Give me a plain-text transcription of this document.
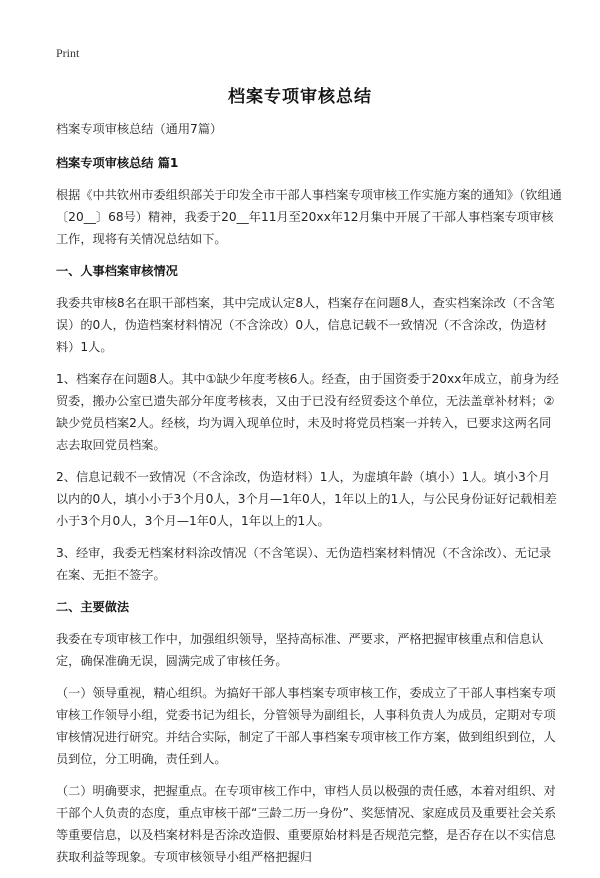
Print
档案专项审核总结

档案专项审核总结（通用7篇）

档案专项审核总结 篇1

根据《中共钦州市委组织部关于印发全市干部人事档案专项审核工作实施方案的通知》（钦组通〔20__〕68号）精神，我委于20__年11月至20xx年12月集中开展了干部人事档案专项审核工作，现将有关情况总结如下。

一、人事档案审核情况

我委共审核8名在职干部档案，其中完成认定8人，档案存在问题8人，查实档案涂改（不含笔误）的0人，伪造档案材料情况（不含涂改）0人，信息记载不一致情况（不含涂改，伪造材料）1人。

1、档案存在问题8人。其中①缺少年度考核6人。经查，由于国资委于20xx年成立，前身为经贸委，搬办公室已遗失部分年度考核表，又由于已没有经贸委这个单位，无法盖章补材料；②缺少党员档案2人。经核，均为调入现单位时，未及时将党员档案一并转入，已要求这两名同志去取回党员档案。

2、信息记载不一致情况（不含涂改，伪造材料）1人，为虚填年龄（填小）1人。填小3个月以内的0人，填小小于3个月0人，3个月—1年0人，1年以上的1人，与公民身份证好记载相差小于3个月0人，3个月—1年0人，1年以上的1人。

3、经审，我委无档案材料涂改情况（不含笔误）、无伪造档案材料情况（不含涂改）、无记录在案、无拒不签字。

二、主要做法

我委在专项审核工作中，加强组织领导，坚持高标准、严要求，严格把握审核重点和信息认定，确保准确无误，圆满完成了审核任务。

（一）领导重视，精心组织。为搞好干部人事档案专项审核工作，委成立了干部人事档案专项审核工作领导小组，党委书记为组长，分管领导为副组长，人事科负责人为成员，定期对专项审核情况进行研究。并结合实际，制定了干部人事档案专项审核工作方案，做到组织到位，人员到位，分工明确，责任到人。

（二）明确要求，把握重点。在专项审核工作中，审档人员以极强的责任感，本着对组织、对干部个人负责的态度，重点审核干部“三龄二历一身份”、奖惩情况、家庭成员及重要社会关系等重要信息，以及档案材料是否涂改造假、重要原始材料是否规范完整，是否存在以不实信息获取利益等现象。专项审核领导小组严格把握归
